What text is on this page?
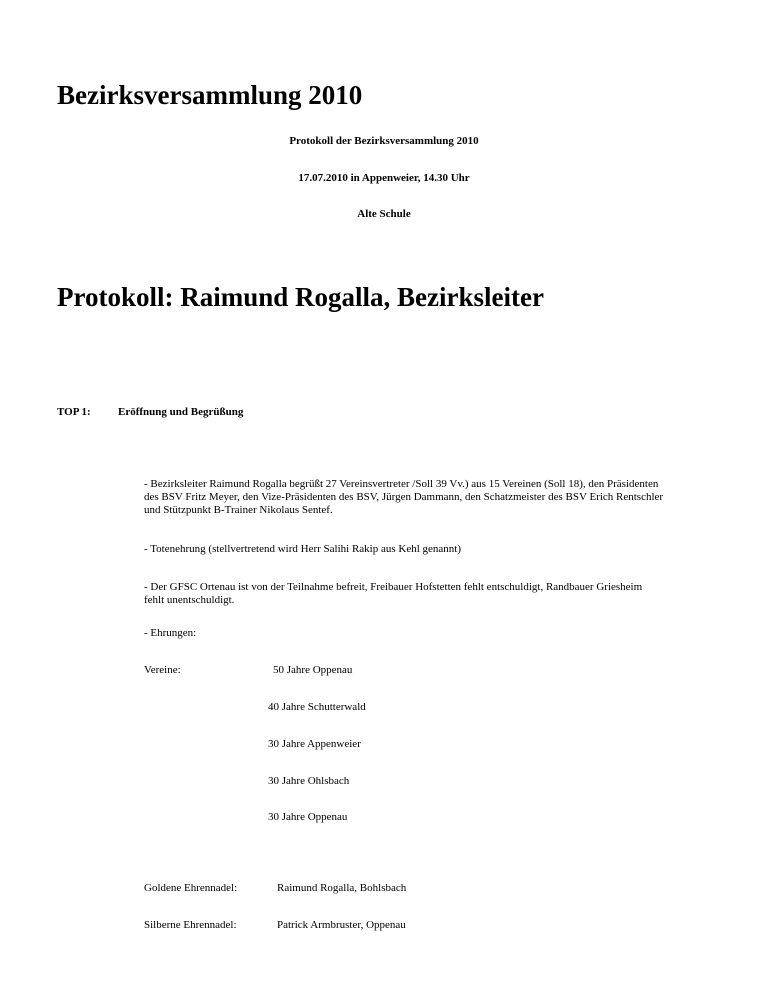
Bezirksversammlung 2010
Protokoll der Bezirksversammlung 2010
17.07.2010 in Appenweier, 14.30 Uhr
Alte Schule
Protokoll: Raimund Rogalla, Bezirksleiter
TOP 1: Eröffnung und Begrüßung
- Bezirksleiter Raimund Rogalla begrüßt 27 Vereinsvertreter /Soll 39 Vv.) aus 15 Vereinen (Soll 18), den Präsidenten des BSV Fritz Meyer, den Vize-Präsidenten des BSV, Jürgen Dammann, den Schatzmeister des BSV Erich Rentschler und Stützpunkt B-Trainer Nikolaus Sentef.
- Totenehrung (stellvertretend wird Herr Salihi Rakip aus Kehl genannt)
- Der GFSC Ortenau ist von der Teilnahme befreit, Freibauer Hofstetten fehlt entschuldigt, Randbauer Griesheim fehlt unentschuldigt.
- Ehrungen:
Vereine:	50 Jahre Oppenau
40 Jahre Schutterwald
30 Jahre Appenweier
30 Jahre Ohlsbach
30 Jahre Oppenau
Goldene Ehrennadel:	Raimund Rogalla, Bohlsbach
Silberne Ehrennadel:	Patrick Armbruster, Oppenau
